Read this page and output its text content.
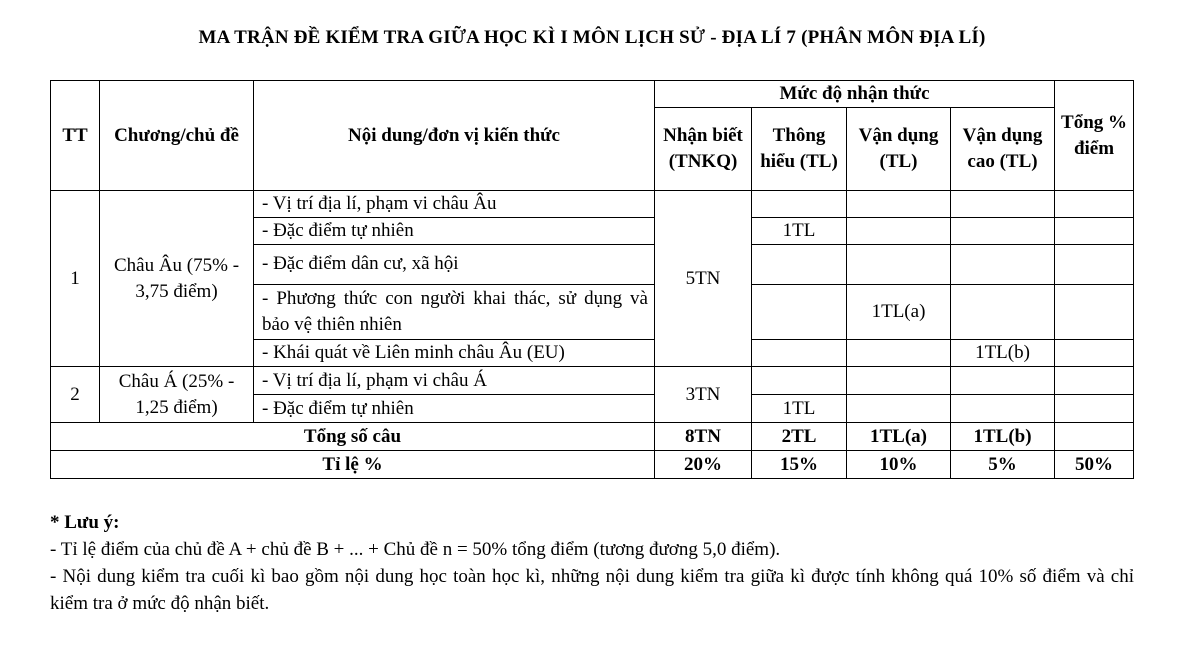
MA TRẬN ĐỀ KIỂM TRA GIỮA HỌC KÌ I MÔN LỊCH SỬ - ĐỊA LÍ 7 (PHÂN MÔN ĐỊA LÍ)
TT	Chương/chủ đề	Nội dung/đơn vị kiến thức	Mức độ nhận thức				Tổng % điểm
			Nhận biết (TNKQ)	Thông hiểu (TL)	Vận dụng (TL)	Vận dụng cao (TL)	
1	Châu Âu (75% - 3,75 điểm)	- Vị trí địa lí, phạm vi châu Âu	5TN				
		- Đặc điểm tự nhiên		1TL			
		- Đặc điểm dân cư, xã hội					
		- Phương thức con người khai thác, sử dụng và bảo vệ thiên nhiên			1TL(a)		
		- Khái quát về Liên minh châu Âu (EU)				1TL(b)	
2	Châu Á (25% - 1,25 điểm)	- Vị trí địa lí, phạm vi châu Á	3TN				
		- Đặc điểm tự nhiên		1TL			
Tổng số câu			8TN	2TL	1TL(a)	1TL(b)	
Tỉ lệ %			20%	15%	10%	5%	50%

* Lưu ý:

- Tỉ lệ điểm của chủ đề A + chủ đề B + ... + Chủ đề n = 50% tổng điểm (tương đương 5,0 điểm).

- Nội dung kiểm tra cuối kì bao gồm nội dung học toàn học kì, những nội dung kiểm tra giữa kì được tính không quá 10% số điểm và chỉ kiểm tra ở mức độ nhận biết.
